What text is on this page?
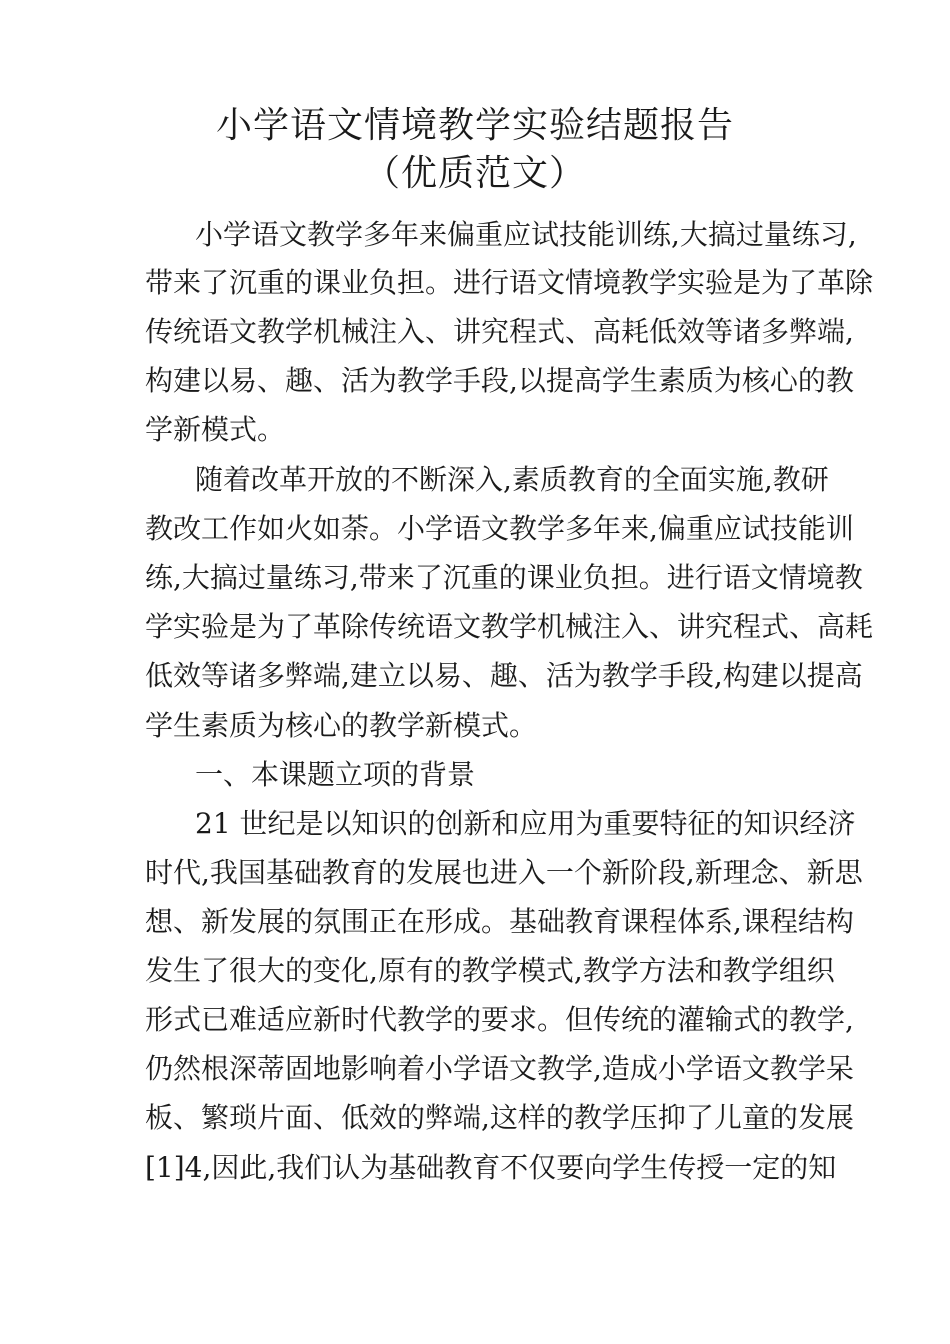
小学语文情境教学实验结题报告
（优质范文）
小学语文教学多年来偏重应试技能训练,大搞过量练习,
带来了沉重的课业负担。进行语文情境教学实验是为了革除
传统语文教学机械注入、讲究程式、高耗低效等诸多弊端,
构建以易、趣、活为教学手段,以提高学生素质为核心的教
学新模式。
随着改革开放的不断深入,素质教育的全面实施,教研
教改工作如火如荼。小学语文教学多年来,偏重应试技能训
练,大搞过量练习,带来了沉重的课业负担。进行语文情境教
学实验是为了革除传统语文教学机械注入、讲究程式、高耗
低效等诸多弊端,建立以易、趣、活为教学手段,构建以提高
学生素质为核心的教学新模式。
一、本课题立项的背景
21 世纪是以知识的创新和应用为重要特征的知识经济
时代,我国基础教育的发展也进入一个新阶段,新理念、新思
想、新发展的氛围正在形成。基础教育课程体系,课程结构
发生了很大的变化,原有的教学模式,教学方法和教学组织
形式已难适应新时代教学的要求。但传统的灌输式的教学,
仍然根深蒂固地影响着小学语文教学,造成小学语文教学呆
板、繁琐片面、低效的弊端,这样的教学压抑了儿童的发展
[1]4,因此,我们认为基础教育不仅要向学生传授一定的知
